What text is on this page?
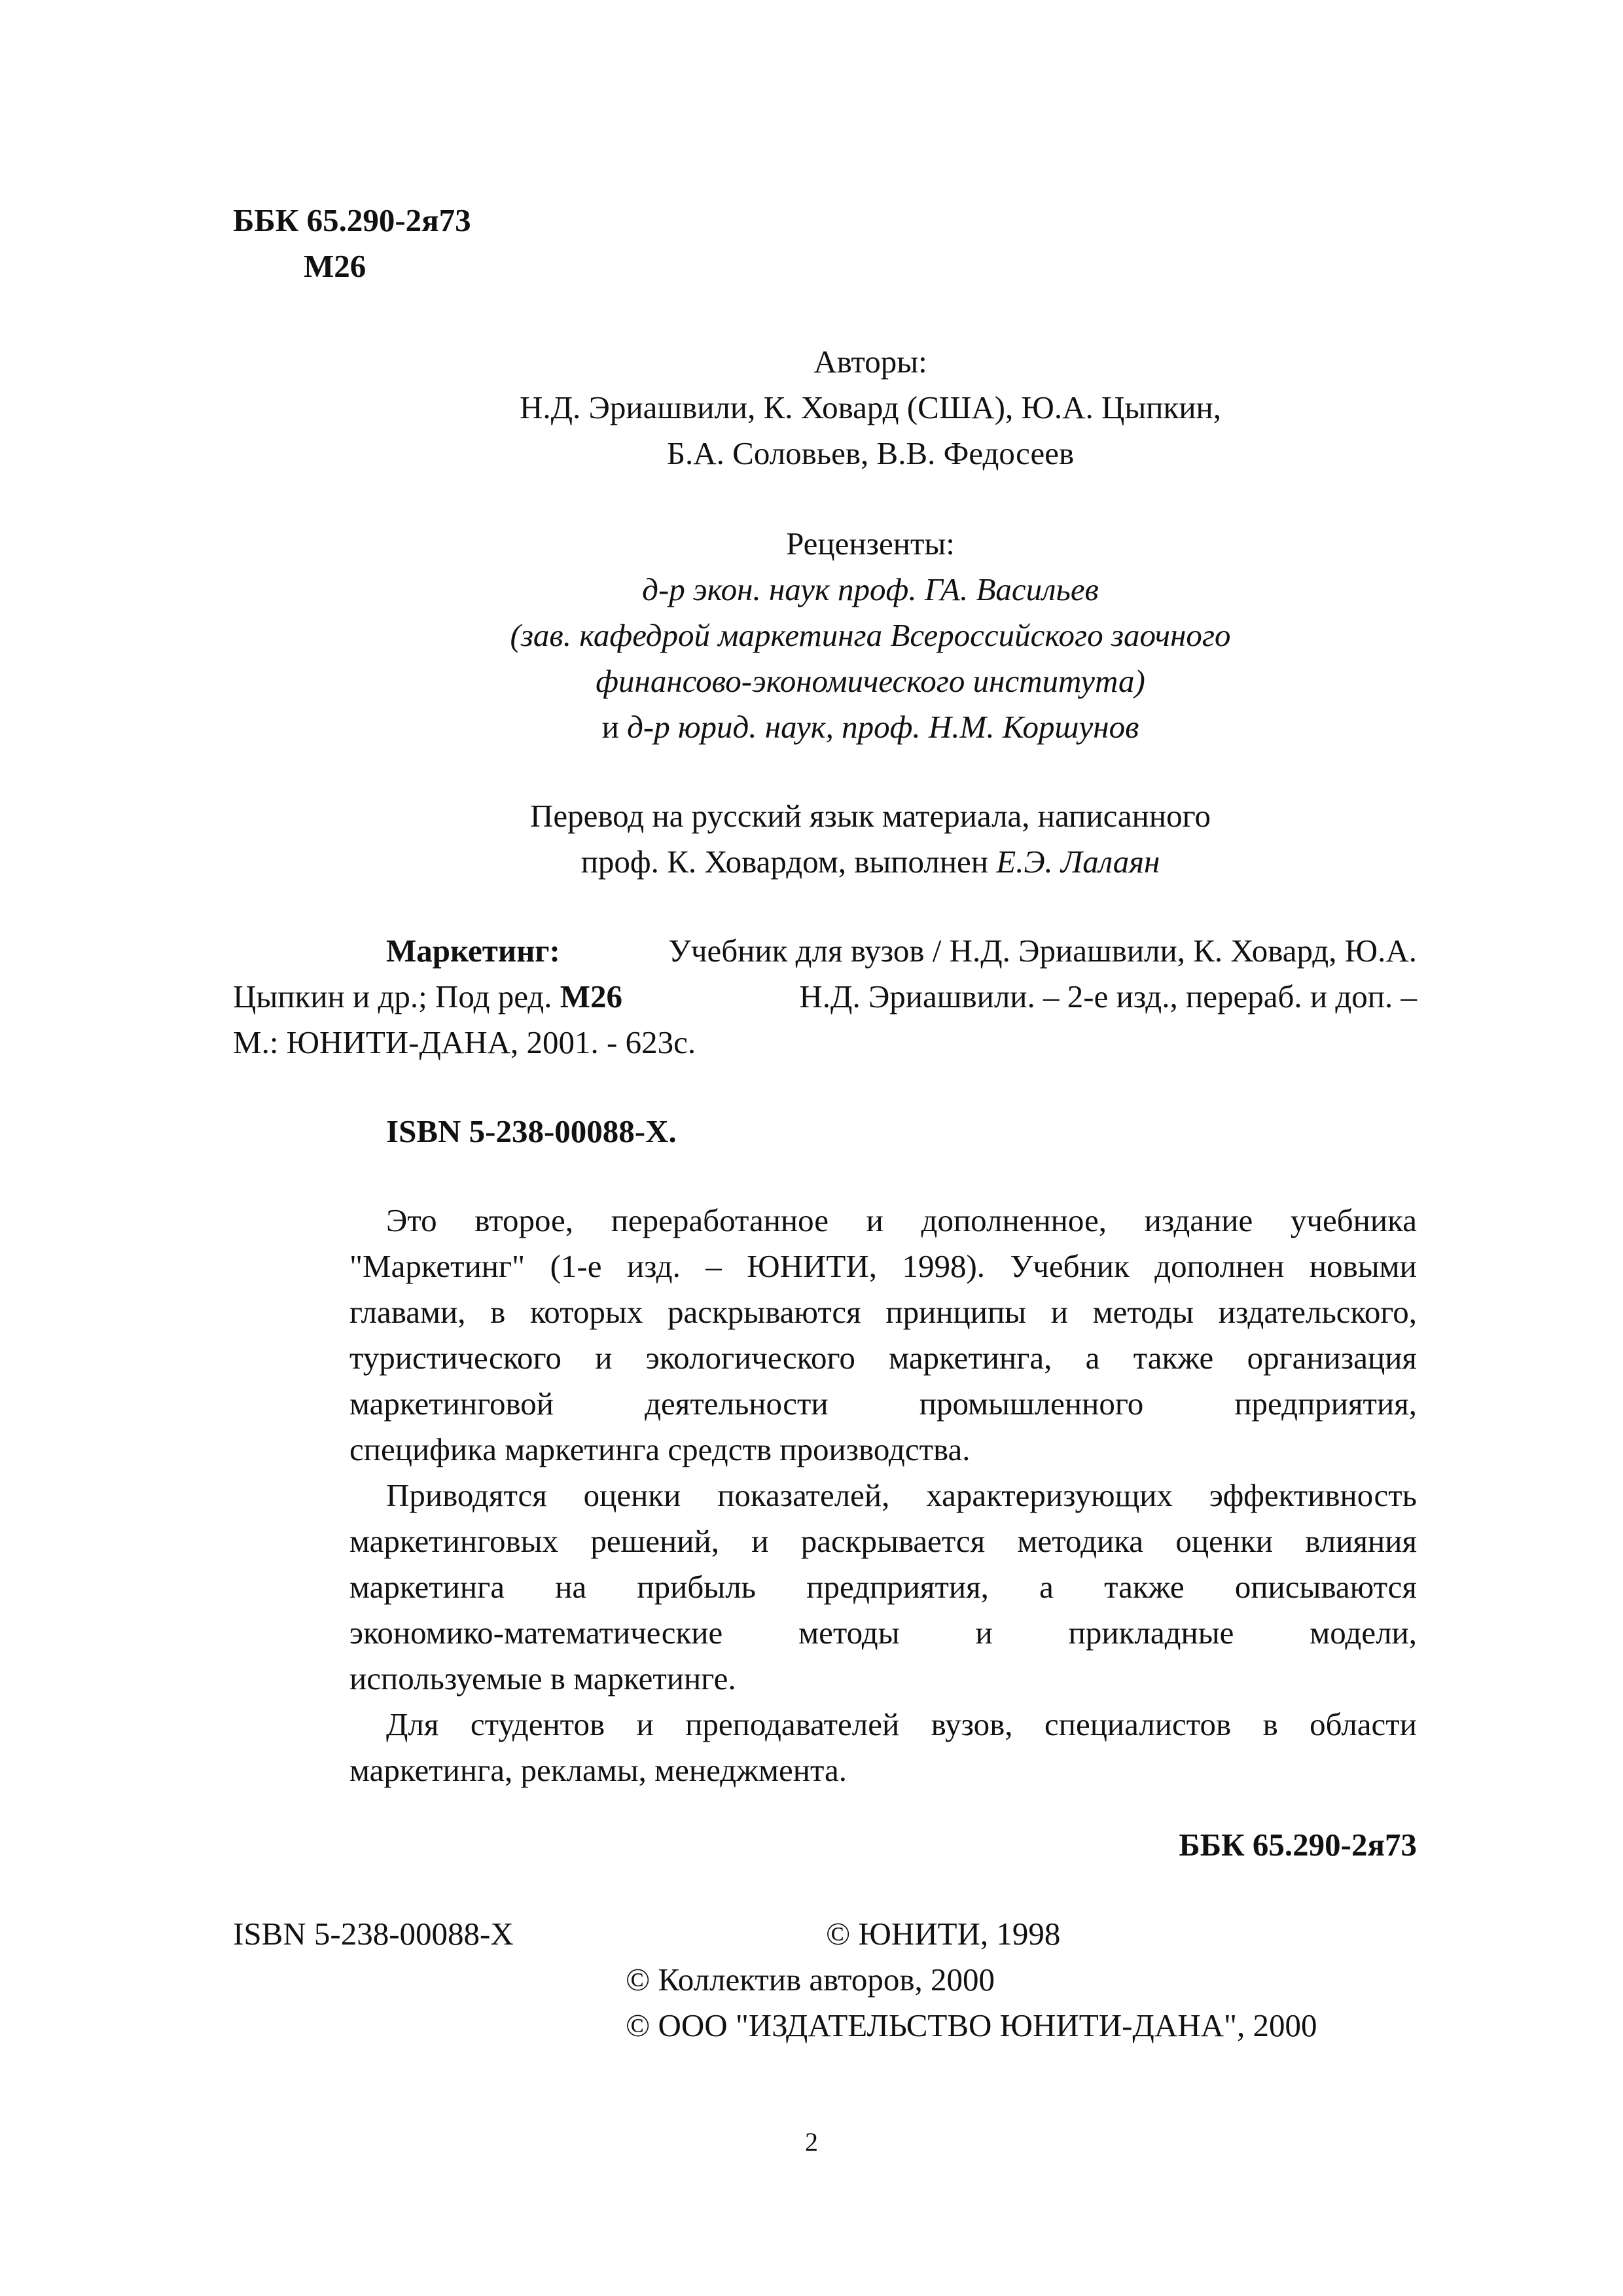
ББК 65.290-2я73
М26
Авторы:
Н.Д. Эриашвили, К. Ховард (США), Ю.А. Цыпкин,
Б.А. Соловьев, В.В. Федосеев
Рецензенты:
д-р экон. наук проф. ГА. Васильев
(зав. кафедрой маркетинга Всероссийского заочного
финансово-экономического института)
и д-р юрид. наук, проф. Н.М. Коршунов
Перевод на русский язык материала, написанного
проф. К. Ховардом, выполнен Е.Э. Лалаян
Маркетинг:	Учебник для вузов / Н.Д. Эриашвили, К. Ховард, Ю.А.
Цыпкин и др.; Под ред. М26	Н.Д. Эриашвили. – 2-е изд., перераб. и доп. –
М.: ЮНИТИ-ДАНА, 2001. - 623с.
ISBN 5-238-00088-X.
Это второе, переработанное и дополненное, издание учебника
"Маркетинг" (1-е изд. – ЮНИТИ, 1998). Учебник дополнен новыми
главами, в которых раскрываются принципы и методы издательского,
туристического и экологического маркетинга, а также организация
маркетинговой	деятельности	промышленного	предприятия,
специфика маркетинга средств производства.
Приводятся оценки показателей, характеризующих эффективность
маркетинговых решений, и раскрывается методика оценки влияния
маркетинга на прибыль предприятия, а также описываются
экономико-математические методы и прикладные модели,
используемые в маркетинге.
Для студентов и преподавателей вузов, специалистов в области
маркетинга, рекламы, менеджмента.
ББК 65.290-2я73
ISBN 5-238-00088-X	© ЮНИТИ, 1998
© Коллектив авторов, 2000
© ООО "ИЗДАТЕЛЬСТВО ЮНИТИ-ДАНА", 2000
2
